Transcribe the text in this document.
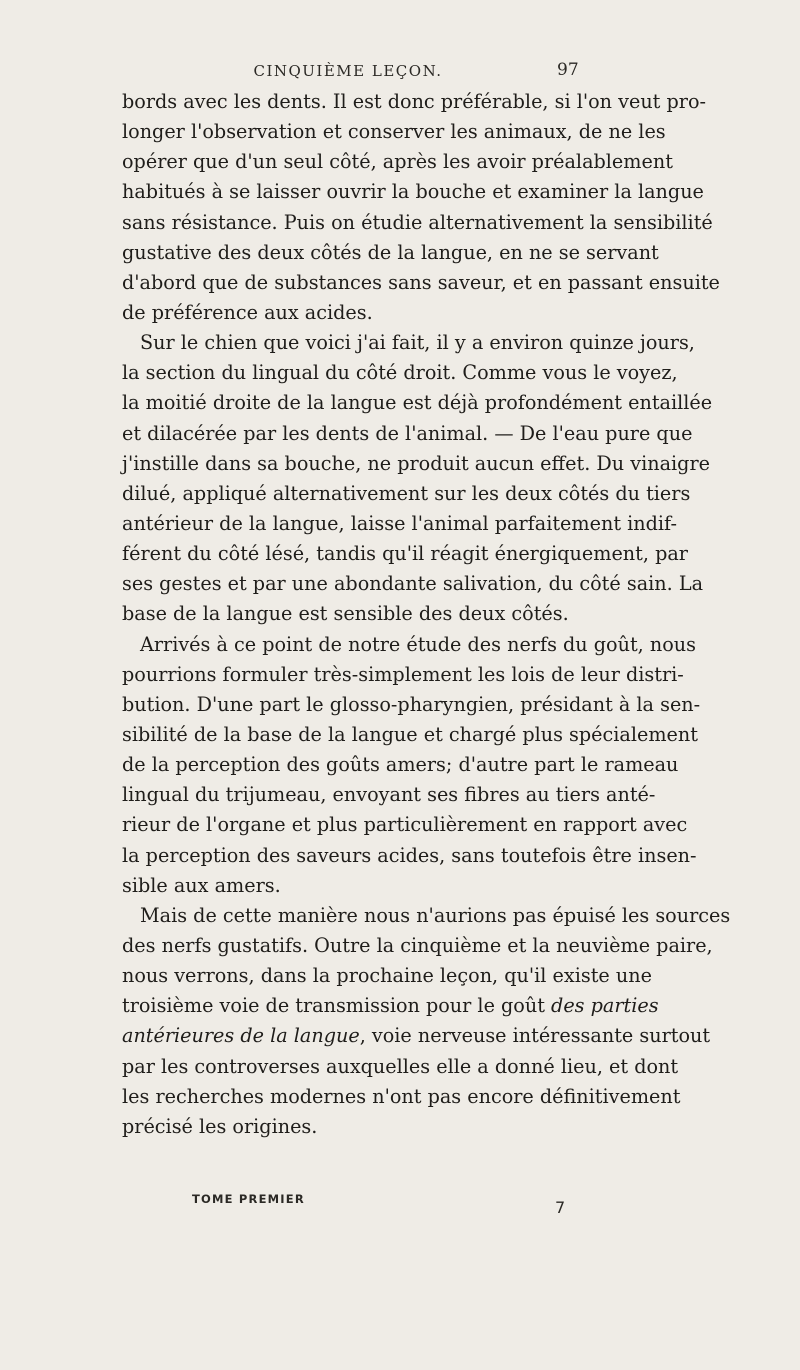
CINQUIÈME LEÇON.	97
bords avec les dents. Il est donc préférable, si l'on veut pro-
longer l'observation et conserver les animaux, de ne les
opérer que d'un seul côté, après les avoir préalablement
habitués à se laisser ouvrir la bouche et examiner la langue
sans résistance. Puis on étudie alternativement la sensibilité
gustative des deux côtés de la langue, en ne se servant
d'abord que de substances sans saveur, et en passant ensuite
de préférence aux acides.
Sur le chien que voici j'ai fait, il y a environ quinze jours,
la section du lingual du côté droit. Comme vous le voyez,
la moitié droite de la langue est déjà profondément entaillée
et dilacérée par les dents de l'animal. — De l'eau pure que
j'instille dans sa bouche, ne produit aucun effet. Du vinaigre
dilué, appliqué alternativement sur les deux côtés du tiers
antérieur de la langue, laisse l'animal parfaitement indif-
férent du côté lésé, tandis qu'il réagit énergiquement, par
ses gestes et par une abondante salivation, du côté sain. La
base de la langue est sensible des deux côtés.
Arrivés à ce point de notre étude des nerfs du goût, nous
pourrions formuler très-simplement les lois de leur distri-
bution. D'une part le glosso-pharyngien, présidant à la sen-
sibilité de la base de la langue et chargé plus spécialement
de la perception des goûts amers; d'autre part le rameau
lingual du trijumeau, envoyant ses fibres au tiers anté-
rieur de l'organe et plus particulièrement en rapport avec
la perception des saveurs acides, sans toutefois être insen-
sible aux amers.
Mais de cette manière nous n'aurions pas épuisé les sources
des nerfs gustatifs. Outre la cinquième et la neuvième paire,
nous verrons, dans la prochaine leçon, qu'il existe une
troisième voie de transmission pour le goût des parties
antérieures de la langue, voie nerveuse intéressante surtout
par les controverses auxquelles elle a donné lieu, et dont
les recherches modernes n'ont pas encore définitivement
précisé les origines.
TOME PREMIER	7
